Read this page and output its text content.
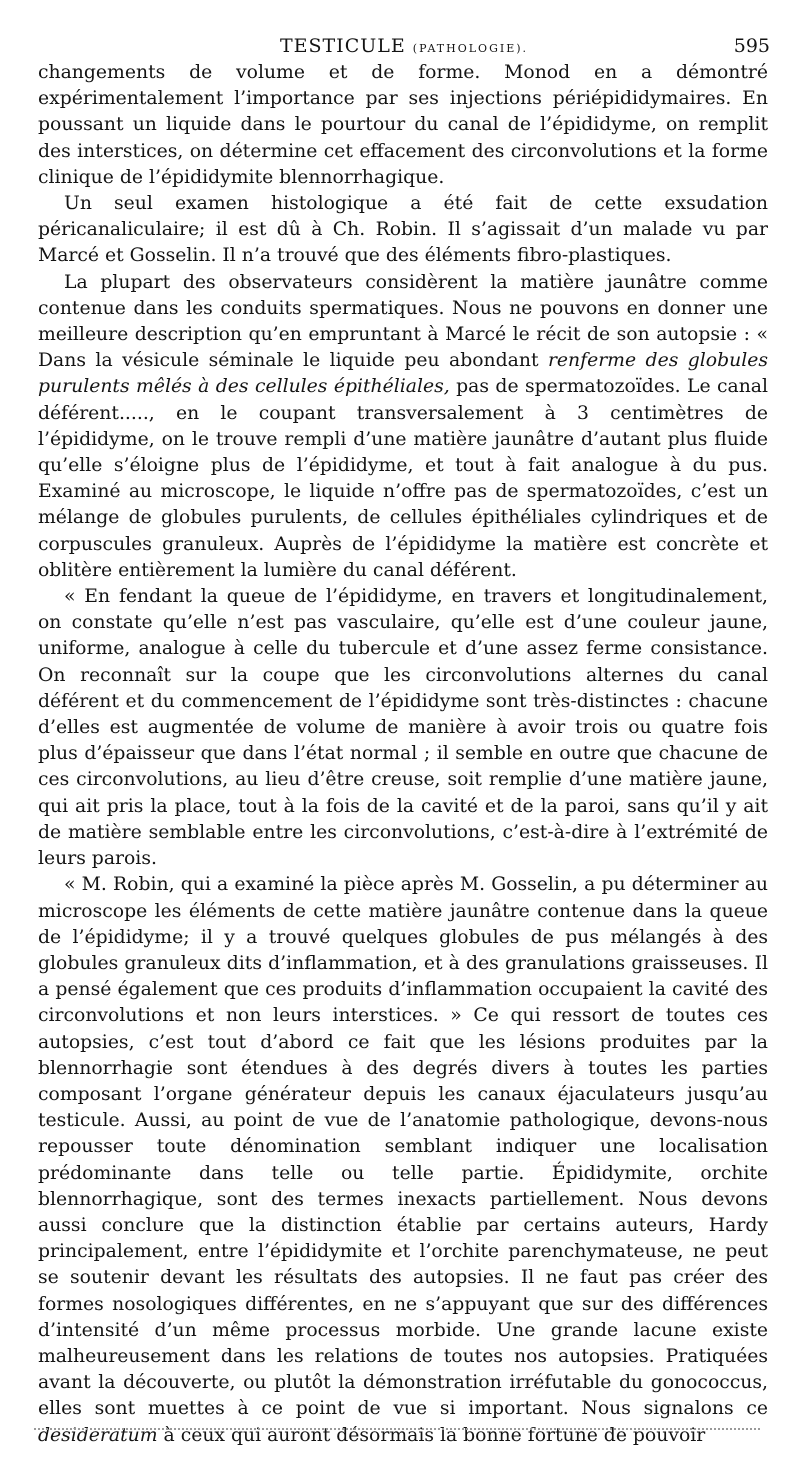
TESTICULE (PATHOLOGIE).	595

changements de volume et de forme. Monod en a démontré expérimentalement l’importance par ses injections périépididymaires. En poussant un liquide dans le pourtour du canal de l’épididyme, on remplit des interstices, on détermine cet effacement des circonvolutions et la forme clinique de l’épididymite blennorrhagique.

Un seul examen histologique a été fait de cette exsudation péricanaliculaire; il est dû à Ch. Robin. Il s’agissait d’un malade vu par Marcé et Gosselin. Il n’a trouvé que des éléments fibro-plastiques.

La plupart des observateurs considèrent la matière jaunâtre comme contenue dans les conduits spermatiques. Nous ne pouvons en donner une meilleure description qu’en empruntant à Marcé le récit de son autopsie : « Dans la vésicule séminale le liquide peu abondant renferme des globules purulents mêlés à des cellules épithéliales, pas de spermatozoïdes. Le canal déférent....., en le coupant transversalement à 3 centimètres de l’épididyme, on le trouve rempli d’une matière jaunâtre d’autant plus fluide qu’elle s’éloigne plus de l’épididyme, et tout à fait analogue à du pus. Examiné au microscope, le liquide n’offre pas de spermatozoïdes, c’est un mélange de globules purulents, de cellules épithéliales cylindriques et de corpuscules granuleux. Auprès de l’épididyme la matière est concrète et oblitère entièrement la lumière du canal déférent.

« En fendant la queue de l’épididyme, en travers et longitudinalement, on constate qu’elle n’est pas vasculaire, qu’elle est d’une couleur jaune, uniforme, analogue à celle du tubercule et d’une assez ferme consistance. On reconnaît sur la coupe que les circonvolutions alternes du canal déférent et du commencement de l’épididyme sont très-distinctes : chacune d’elles est augmentée de volume de manière à avoir trois ou quatre fois plus d’épaisseur que dans l’état normal ; il semble en outre que chacune de ces circonvolutions, au lieu d’être creuse, soit remplie d’une matière jaune, qui ait pris la place, tout à la fois de la cavité et de la paroi, sans qu’il y ait de matière semblable entre les circonvolutions, c’est-à-dire à l’extrémité de leurs parois.

« M. Robin, qui a examiné la pièce après M. Gosselin, a pu déterminer au microscope les éléments de cette matière jaunâtre contenue dans la queue de l’épididyme; il y a trouvé quelques globules de pus mélangés à des globules granuleux dits d’inflammation, et à des granulations graisseuses. Il a pensé également que ces produits d’inflammation occupaient la cavité des circonvolutions et non leurs interstices. » Ce qui ressort de toutes ces autopsies, c’est tout d’abord ce fait que les lésions produites par la blennorrhagie sont étendues à des degrés divers à toutes les parties composant l’organe générateur depuis les canaux éjaculateurs jusqu’au testicule. Aussi, au point de vue de l’anatomie pathologique, devons-nous repousser toute dénomination semblant indiquer une localisation prédominante dans telle ou telle partie. Épididymite, orchite blennorrhagique, sont des termes inexacts partiellement. Nous devons aussi conclure que la distinction établie par certains auteurs, Hardy principalement, entre l’épididymite et l’orchite parenchymateuse, ne peut se soutenir devant les résultats des autopsies. Il ne faut pas créer des formes nosologiques différentes, en ne s’appuyant que sur des différences d’intensité d’un même processus morbide. Une grande lacune existe malheureusement dans les relations de toutes nos autopsies. Pratiquées avant la découverte, ou plutôt la démonstration irréfutable du gonococcus, elles sont muettes à ce point de vue si important. Nous signalons ce desideratum à ceux qui auront désormais la bonne fortune de pouvoir
